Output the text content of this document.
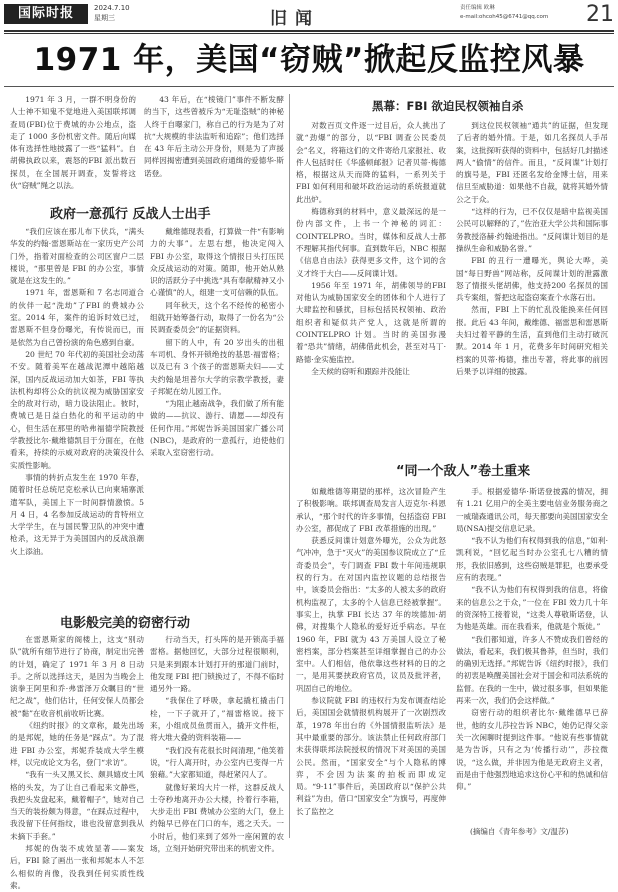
国际时报	2024.7.10
星期三	旧闻
责任编辑 欧琳
e-mail:ohcoh45@6741@qq.com 21
1971 年，美国“窃贼”掀起反监控风暴

1971 年 3 月，一群不明身份的人士神不知鬼不觉地进入美国联邦调查局(FBI)位于费城的办公地点，盗走了 1000 多份机密文件。随后向媒体有选择性地披露了一些“猛料”。自胡佛执政以来，震怒的FBI 派出数百探员，在全国展开调查，发誓将这伙“窃贼”绳之以法。

43 年后，在“棱镜门”事件不断发酵的当下，这些曾被斥为“无耻盗贼”的神秘人终于自曝家门，称自己的行为是为了对抗“大规模的非法监听和追踪”；他们选择在 43 年后主动公开身份，则是为了声援同样因揭密遭到美国政府通缉的爱德华·斯诺登。

政府一意孤行 反战人士出手

“我们应该在那儿布下伏兵，“满头华发的约翰·雷恩斯站在一家历史产公司门外，指着对面检查的公司区窗户二层楼说，“那里曾是 FBI 的办公室，事情就是在这发生的。”

1971 年，雷恩斯和 7 名志同道合的伙伴一起“洗劫”了FBI 的费城办公室。2014 年，案件的追诉时效已过，雷恩斯不但身份曝光，有传说而已，而是依然为自己曾扮演的角色感到自豪。

20 世纪 70 年代初的美国社会动荡不安。随着美军在越战泥潭中越陷越深，国内反战运动加大如茶，FBI 等执法机构却将公众的抗议视为威胁国家安全的敌对行动，暗力设法阻止。彼时，费城已是日益白热化的和平运动的中心，但生活在那里的哈弗福德学院教授学教授比尔·戴维德凯目于分面在，在他看来，持续的示威对政府的决策没什么实质性影响。

事情的转折点发生在 1970 年春，随着时任总统尼克松承认已向柬埔寨派遣军队，美国上下一时间群情激愤。5 月 4 日，4 名参加反战运动的肯特州立大学学生，在与国民警卫队的冲突中遭枪杀，这无异于为美国国内的反战浪潮火上添油。

戴维德现表看，打算做一件“有影响力的大事”。左思右想，他决定闯入 FBI 办公室，取得这个情报日头打压民众反战运动的对策。随即，他开始从熟识的活跃分子中挑选“具有奉献精神又小心谨慎”的人，组建一支可信赖的队伍。

同年秋天，这个名不经传的秘密小组就开始筹备行动，取得了一份名为“公民调查委员会”的证据资料。

留下的人中，有 20 岁出头的出租车司机、身怀开锁绝技的基思·福雷格；以及已有 3 个孩子的雷恩斯夫妇——丈夫约翰是坦普尔大学的宗教学教授，妻子邦妮在幼儿园工作。

“为阻止越南战争，我们做了所有能做的——抗议、游行、请愿——却没有任何作用。”邦妮告诉美国国家广播公司(NBC)，是政府的一意孤行，迫使他们采取入室窃密行动。

电影般完美的窃密行动

在雷恩斯家的阁楼上，这支“别动队”就所有细节进行了协商，制定出完善的计划，确定了 1971 年 3 月 8 日动手。之所以选择这天，是因为当晚会上演拳王阿里和乔·弗雷泽万众瞩目的“世纪之战”，他们估计，任何安保人员都会被“黏”在收音机前收听比赛。

《纽约时报》的文章称，最先出场的是邦妮，她的任务是“踩点”。为了混进 FBI 办公室，邦妮乔装成大学生模样，以完成论文为名，登门“求访”。

“我有一头又黑又长、颇具嬉皮士风格的头发，为了让自己看起来文静些，我把头发盘起来，戴着帽子”，她对自己当天的装扮颇为得意，“在踩点过程中，我没留下任何指纹，谁也没留意到我从未摘下手套。”

邦妮的伪装不成效显著——案发后，FBI 除了画出一张和邦妮本人不怎么相似的肖像，没我到任何实质性线索。

行动当天，打头阵的是开锁高手福雷格。据他回忆，大部分过程很顺利，只是来到跟本计划打开的那道门前时，他发现 FBI 把门锁换过了，不得不临时通另外一路。

“我保住了呼吸，拿起撬杠撬击门栓，一下子就开了，”福雷格说。接下来，小组成员鱼贯而入，撬开文件柜，将大堆大叠的资料装箱——

“我们没有花很长时间清理，”他笑着说，“行人离开时，办公室内已变得一片狼藉。”大家都知道，得赶紧闪人了。

就像好莱坞大片一样，这群反战人士夺秒地离开办公大楼，拎着行李箱，大步走出 FBI 费城办公室的大门，登上约翰早已停在门口的车，逃之夭夭。一小时后，他们来到了郊外一座闲置的农场，立刻开始研究带出来的机密文件。

黑幕：FBI 欲迫民权领袖自杀

对数百页文件逐一过目后，众人挑出了就“劲爆”的部分，以“FBI 调查公民委员会”名义，将箱这们的文件寄给几家报社、收件人包括时任《华盛顿邮报》记者贝蒂·梅德格，根据这从天而降的猛料，一系列关于 FBI 如何利用和破坏政治运动的系统报道就此出炉。

梅德称到的材料中，意义最深远的是一份内部文件，上书一个神秘的词汇：COINTELPRO。当时，媒体和反战人士都不理解其指代何事。直到数年后，NBC 根据《信息自由法》获得更多文件，这个词的含义才终于大白——反间谍计划。

1956 年至 1971 年，胡佛领导的FBI 对他认为威胁国家安全的团体和个人进行了大肆监控和骚扰，目标包括民权领袖、政治组织者和疑似共产党人，这就是所谓的 COINTELPRO 计划。当时的美国弥漫着“恐共”情绪，胡佛借此机会，甚至对马丁·路德·金实施监控。

全天候的窃听和跟踪并没能让

到这位民权领袖“通共”的证据，但发现了后者的婚外情。于是，如几名探员人手吊案，这批探听获得的资料中，包括好几封描述两人“偷情”的信件。而且，“反间谍”计划打的旗号是，FBI 还匿名发给金博士信，用来信旦至威胁道：如果他不自裁，就将其婚外情公之于众。

“这样的行为，已不仅仅是暗中监视美国公民可以解释的了，”佐治亚大学公共和国际事务教授洛赫·约翰逊指出。“反间谍计划目的是操纵生命和威胁名誉。”

FBI 的丑行一遭曝光，舆论大哗，美国“每日野兽”网站称，反间谍计划的泄露激怒了情报头佬胡佛，他支持200 名探员的国兵专案组，誓把这起盗窃案查个水落石出。

然而，FBI 上下的忙乱没能换来任何回报。此后 43 年间，戴维德、福雷思和雷恩斯夫妇过着平静的生活，直到他们主动打破沉默。2014 年 1 月，花费多年时间研究相关档案的贝蒂·梅德，推出专著，将此事的前因后果予以详细的披露。

“同一个敌人”卷土重来

如戴维德等期望的那样，这次冒险产生了积极影响。联邦调查局发言人迈克尔·科恩承认，“那个时代的许多事情，包括盗窃 FBI 办公室，都促成了 FBI 改革措施的出现。”

获悉反间谍计划意外曝光，公众为此怒气冲冲，急于“灭火”的美国参议院成立了“丘奇委员会”，专门调查 FBI 数十年间违规职权的行为。在对国内监控议题的总结报告中，该委员会指出：“太多的人被太多的政府机构监视了，太多的个人信息已经被掌握”。事实上，执掌 FBI 长达 37 年的埃德加·胡佛，对搜集个人隐私的爱好近乎病态。早在 1960 年，FBI 就为 43 万美国人设立了秘密档案，部分档案甚至详细掌握自己的办公室中。人们相信，他依靠这些材料的日的之一，是用其要挟政府官员，议员及批评者，巩固自己的地位。

参议院就 FBI 的违权行为发布调查结论后，美国国会就情报机构展开了一次剧烈改革，1978 年出台的《外国情报监听法》是其中最重要的部分。该法禁止任何政府部门未获得联邦法院授权的情况下对美国的美国公民。然而，“国家安全”与个人隐私的博弈，不会因为法案的拍板而即成定局。“9·11”事件后，美国政府以“保护公共利益”为由，借口“国家安全”为旗号，再度伸长了监控之

手。根据爱德华·斯诺登披露的情况，拥有 1.21 亿用户的全美主要电信业务服务商之一威瑞森通讯公司，每天都要向美国国家安全局(NSA)提交信息记录。

“我不认为他们有权得到我的信息，”如利·凯利说，“回忆起当时办公室孔七八糟的情形，我依旧感到，这些窃贼是罪犯，也要承受应有的表现。”

“我不认为他们有权得到我的信息，将偷来的信息公之于众，”一位在 FBI 效力几十年的资深特工接着说，“这类人尊敬斯诺登，认为他是英雄。而在我看来，他就是个叛徒。”

“我们都知道，许多人不赞成我们曾经的做法，看起来，我们极其鲁莽，但当时，我们的确别无选择。”邦妮告诉《纽约时报》，我们的初衷是唤醒美国社会对于国会和司法系统的监督。在我的一生中，做过很多事，但如果能再来一次，我们仍会这样做。”

窃密行动的组织者比尔·戴维德早已辞世，他的女儿莎拉告诉 NBC，她仍记得父亲关一次闲聊时提到这件事。“他说有些事情就是为告诉，只有之为‘传播行动’”，莎拉微说，“这么做，并非因为他是无政府主义者，而是由于他强烈地追求这份心平和的热诚和信仰。”

(摘编自《青年参考》文/温莎)
